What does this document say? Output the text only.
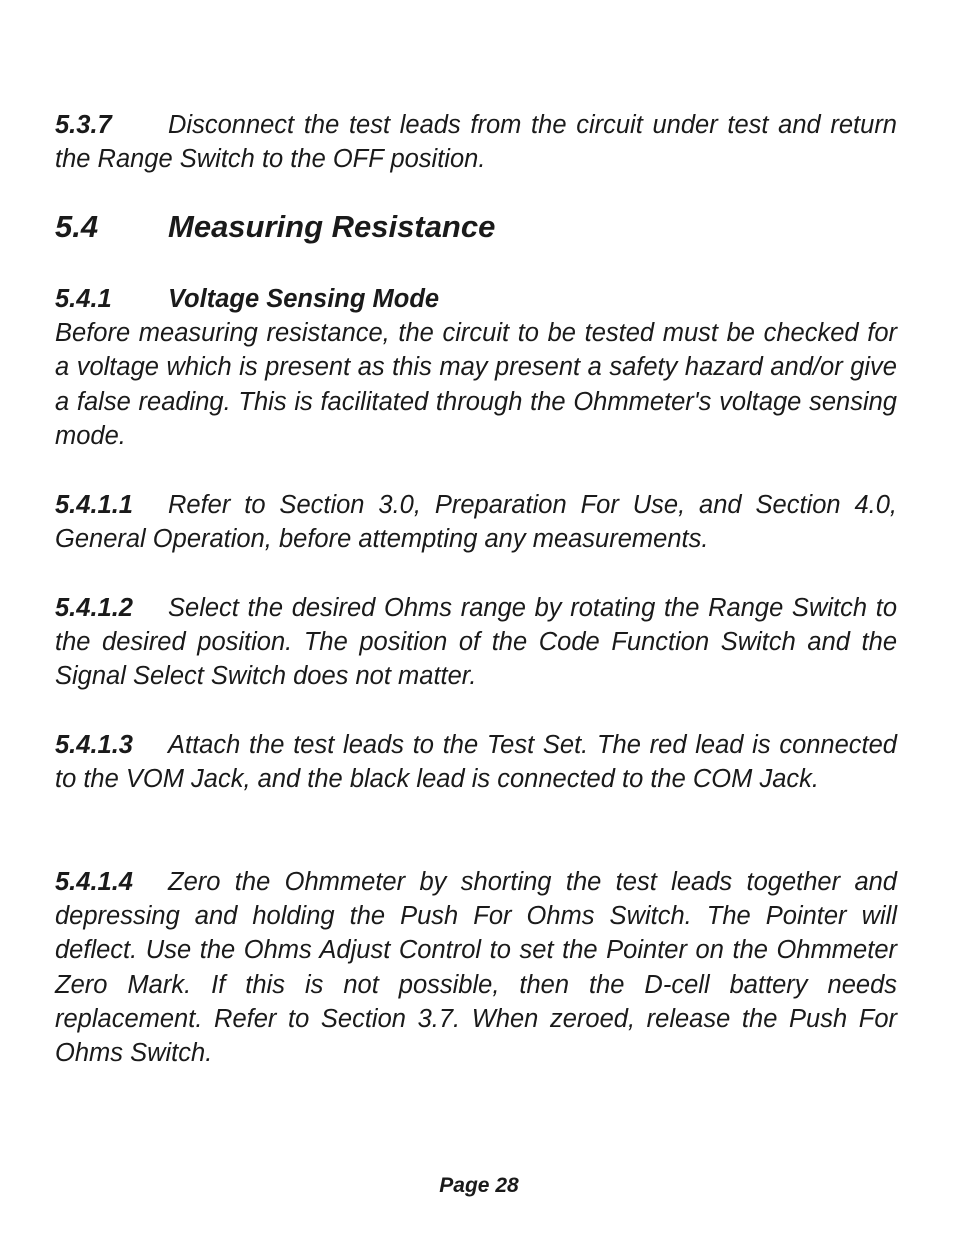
5.3.7 Disconnect the test leads from the circuit under test and return the Range Switch to the OFF position.

5.4 Measuring Resistance
5.4.1 Voltage Sensing Mode

Before measuring resistance, the circuit to be tested must be checked for a voltage which is present as this may present a safety hazard and/or give a false reading. This is facilitated through the Ohmmeter's voltage sensing mode.

5.4.1.1 Refer to Section 3.0, Preparation For Use, and Section 4.0, General Operation, before attempting any measurements.

5.4.1.2 Select the desired Ohms range by rotating the Range Switch to the desired position. The position of the Code Function Switch and the Signal Select Switch does not matter.

5.4.1.3 Attach the test leads to the Test Set. The red lead is connected to the VOM Jack, and the black lead is connected to the COM Jack.

5.4.1.4 Zero the Ohmmeter by shorting the test leads together and depressing and holding the Push For Ohms Switch. The Pointer will deflect. Use the Ohms Adjust Control to set the Pointer on the Ohmmeter Zero Mark. If this is not possible, then the D-cell battery needs replacement. Refer to Section 3.7. When zeroed, release the Push For Ohms Switch.

Page 28
